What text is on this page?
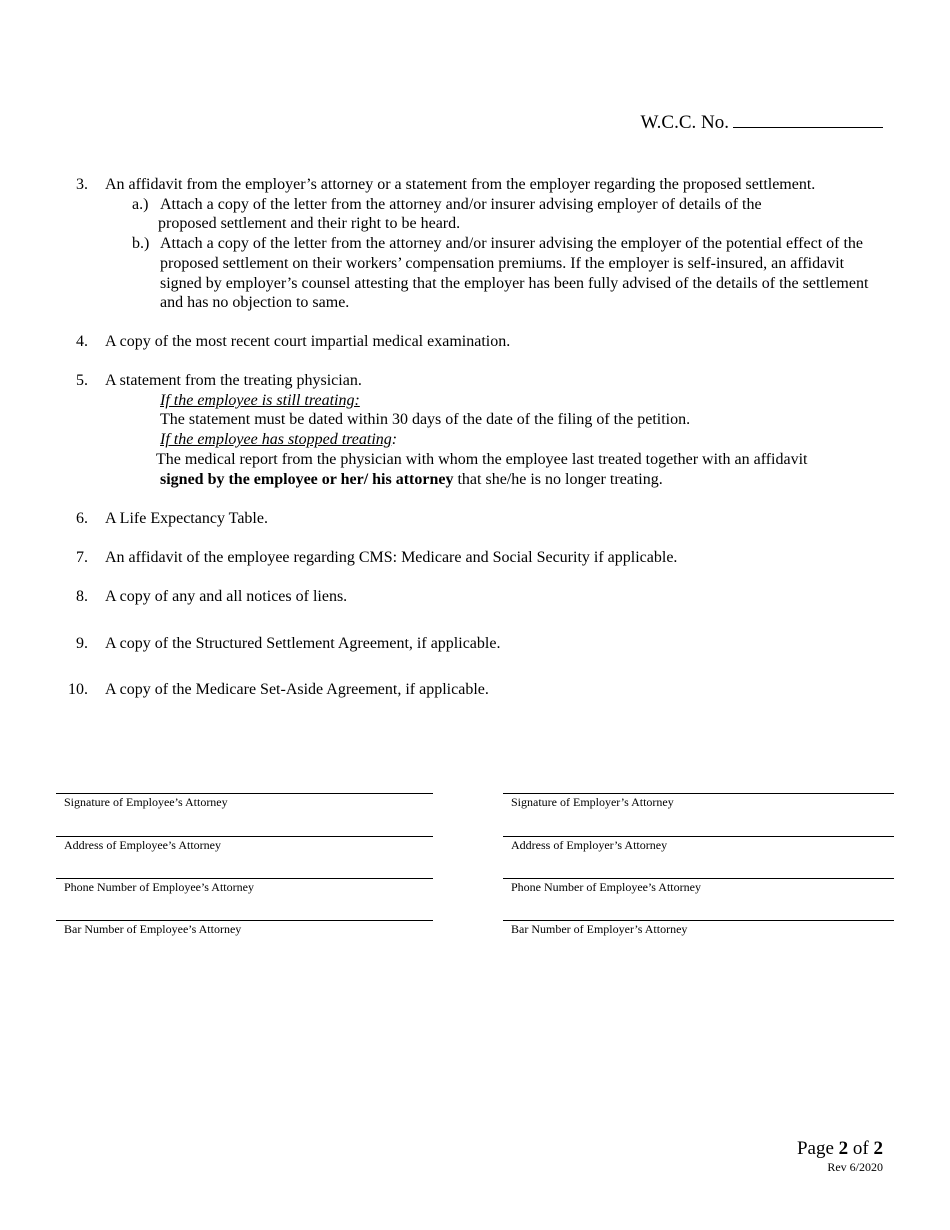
W.C.C. No.
3. An affidavit from the employer’s attorney or a statement from the employer regarding the proposed settlement.
a.) Attach a copy of the letter from the attorney and/or insurer advising employer of details of the
proposed settlement and their right to be heard.
b.) Attach a copy of the letter from the attorney and/or insurer advising the employer of the potential effect of the proposed settlement on their workers’ compensation premiums. If the employer is self-insured, an affidavit signed by employer’s counsel attesting that the employer has been fully advised of the details of the settlement and has no objection to same.
4. A copy of the most recent court impartial medical examination.
5. A statement from the treating physician.
If the employee is still treating:
The statement must be dated within 30 days of the date of the filing of the petition.
If the employee has stopped treating:
The medical report from the physician with whom the employee last treated together with an affidavit
signed by the employee or her/ his attorney that she/he is no longer treating.
6. A Life Expectancy Table.
7. An affidavit of the employee regarding CMS: Medicare and Social Security if applicable.
8. A copy of any and all notices of liens.
9. A copy of the Structured Settlement Agreement, if applicable.
10. A copy of the Medicare Set-Aside Agreement, if applicable.
Signature of Employee’s Attorney
Address of Employee’s Attorney
Phone Number of Employee’s Attorney
Bar Number of Employee’s Attorney
Signature of Employer’s Attorney
Address of Employer’s Attorney
Phone Number of Employee’s Attorney
Bar Number of Employer’s Attorney
Page 2 of 2
Rev 6/2020
